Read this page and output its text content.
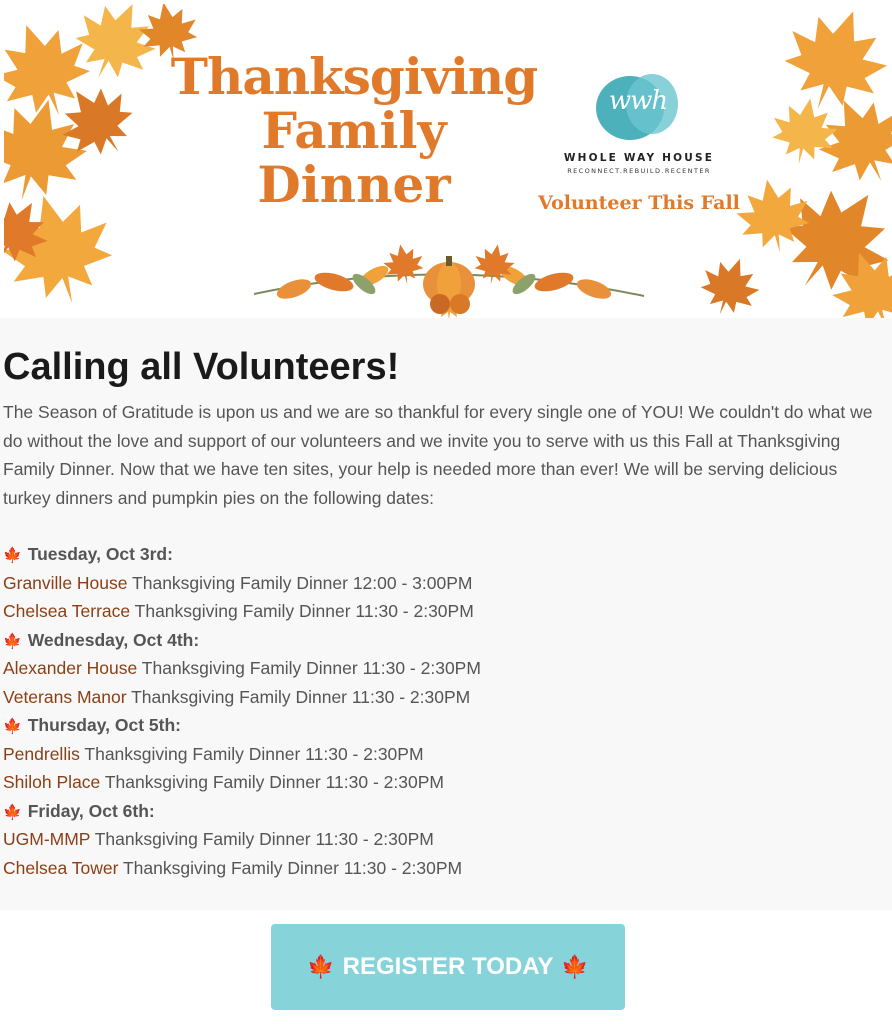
Thanksgiving
Family
Dinner
wwh
WHOLE WAY HOUSE
RECONNECT.REBUILD.RECENTER
Volunteer This Fall
Calling all Volunteers!

The Season of Gratitude is upon us and we are so thankful for every single one of YOU! We couldn't do what we do without the love and support of our volunteers and we invite you to serve with us this Fall at Thanksgiving Family Dinner. Now that we have ten sites, your help is needed more than ever! We will be serving delicious turkey dinners and pumpkin pies on the following dates:

🍁 Tuesday, Oct 3rd:
Granville House Thanksgiving Family Dinner 12:00 - 3:00PM
Chelsea Terrace Thanksgiving Family Dinner 11:30 - 2:30PM
🍁 Wednesday, Oct 4th:
Alexander House Thanksgiving Family Dinner 11:30 - 2:30PM
Veterans Manor Thanksgiving Family Dinner 11:30 - 2:30PM
🍁 Thursday, Oct 5th:
Pendrellis Thanksgiving Family Dinner 11:30 - 2:30PM
Shiloh Place Thanksgiving Family Dinner 11:30 - 2:30PM
🍁 Friday, Oct 6th:
UGM-MMP Thanksgiving Family Dinner 11:30 - 2:30PM
Chelsea Tower Thanksgiving Family Dinner 11:30 - 2:30PM
🍁 REGISTER TODAY 🍁
